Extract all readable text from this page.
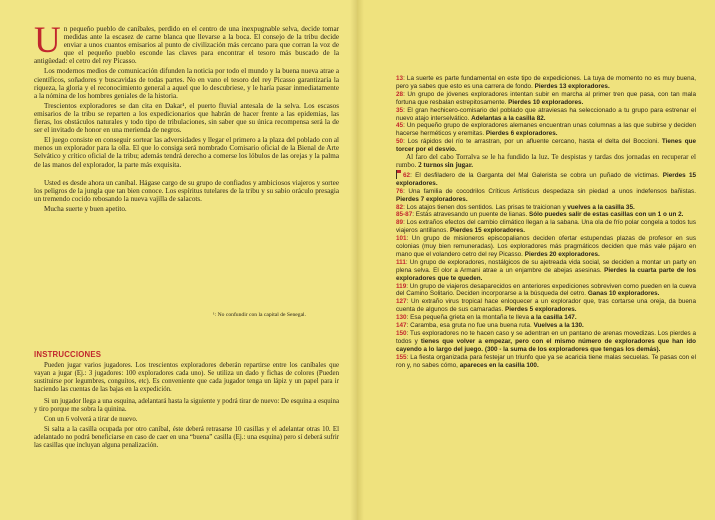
Un pequeño pueblo de caníbales, perdido en el centro de una inexpugnable selva, decide tomar medidas ante la escasez de carne blanca que llevarse a la boca. El consejo de la tribu decide enviar a unos cuantos emisarios al punto de civilización más cercano para que corran la voz de que el pequeño pueblo esconde las claves para encontrar el tesoro más buscado de la antigüedad: el cetro del rey Picasso.

Los modernos medios de comunicación difunden la noticia por todo el mundo y la buena nueva atrae a científicos, soñadores y buscavidas de todas partes. No en vano el tesoro del rey Picasso garantizaría la riqueza, la gloria y el reconocimiento general a aquel que lo descubriese, y le haría pasar inmediatamente a la nómina de los hombres geniales de la historia.

Trescientos exploradores se dan cita en Dakar¹, el puerto fluvial antesala de la selva. Los escasos emisarios de la tribu se reparten a los expedicionarios que habrán de hacer frente a las epidemias, las fieras, los obstáculos naturales y todo tipo de tribulaciones, sin saber que su única recompensa será la de ser el invitado de honor en una merienda de negros.

El juego consiste en conseguir sortear las adversidades y llegar el primero a la plaza del poblado con al menos un explorador para la olla. El que lo consiga será nombrado Comisario oficial de la Bienal de Arte Selvático y crítico oficial de la tribu; además tendrá derecho a comerse los lóbulos de las orejas y la palma de las manos del explorador, la parte más exquisita.

Usted es desde ahora un caníbal. Hágase cargo de su grupo de confiados y ambiciosos viajeros y sortee los peligros de la jungla que tan bien conoce. Los espíritus tutelares de la tribu y su sabio oráculo presagia un tremendo cocido rebosando la nueva vajilla de salacots.

Mucha suerte y buen apetito.

¹: No confundir con la capital de Senegal.
INSTRUCCIONES

Pueden jugar varios jugadores. Los trescientos exploradores deberán repartirse entre los caníbales que vayan a jugar (Ej.: 3 jugadores: 100 exploradores cada uno). Se utiliza un dado y fichas de colores (Pueden sustituirse por legumbres, conguitos, etc). Es conveniente que cada jugador tenga un lápiz y un papel para ir haciendo las cuentas de las bajas en la expedición.

Si un jugador llega a una esquina, adelantará hasta la siguiente y podrá tirar de nuevo: De esquina a esquina y tiro porque me sobra la quinina.

Con un 6 volverá a tirar de nuevo.

Si salta a la casilla ocupada por otro caníbal, éste deberá retrasarse 10 casillas y el adelantar otras 10. El adelantado no podrá beneficiarse en caso de caer en una “buena” casilla (Ej.: una esquina) pero sí deberá sufrir las casillas que incluyan alguna penalización.

13: La suerte es parte fundamental en este tipo de expediciones. La tuya de momento no es muy buena, pero ya sabes que esto es una carrera de fondo. Pierdes 13 exploradores.

28: Un grupo de jóvenes exploradores intentan subir en marcha al primer tren que pasa, con tan mala fortuna que resbalan estrepitosamente. Pierdes 10 exploradores.

35: El gran hechicero-comisario del poblado que atraviesas ha seleccionado a tu grupo para estrenar el nuevo atajo interselvático. Adelantas a la casilla 82.

45: Un pequeño grupo de exploradores alemanes encuentran unas columnas a las que subirse y deciden hacerse herméticos y eremitas. Pierdes 6 exploradores.

50: Los rápidos del río te arrastran, por un afluente cercano, hasta el delta del Boccioni. Tienes que torcer por el desvío.

Al faro del cabo Torralva se le ha fundido la luz. Te despistas y tardas dos jornadas en recuperar el rumbo. 2 turnos sin jugar.

62: El desfiladero de la Garganta del Mal Galerista se cobra un puñado de víctimas. Pierdes 15 exploradores.

76: Una familia de cocodrilos Críticus Artísticus despedaza sin piedad a unos indefensos bañistas. Pierdes 7 exploradores.

82: Los atajos tienen dos sentidos. Las prisas te traicionan y vuelves a la casilla 35.

85-87: Estás atravesando un puente de lianas. Sólo puedes salir de estas casillas con un 1 o un 2.

89: Los extraños efectos del cambio climático llegan a la sabana. Una ola de frío polar congela a todos tus viajeros antillanos. Pierdes 15 exploradores.

101: Un grupo de misioneros episcopalianos deciden ofertar estupendas plazas de profesor en sus colonias (muy bien remuneradas). Los exploradores más pragmáticos deciden que más vale pájaro en mano que el volandero cetro del rey Picasso. Pierdes 20 exploradores.

111: Un grupo de exploradores, nostálgicos de su ajetreada vida social, se deciden a montar un party en plena selva. El olor a Armani atrae a un enjambre de abejas asesinas. Pierdes la cuarta parte de los exploradores que te queden.

119: Un grupo de viajeros desaparecidos en anteriores expediciones sobreviven como pueden en la cueva del Camino Solitario. Deciden incorporarse a la búsqueda del cetro. Ganas 10 exploradores.

127: Un extraño virus tropical hace enloquecer a un explorador que, tras cortarse una oreja, da buena cuenta de algunos de sus camaradas. Pierdes 5 exploradores.

130: Esa pequeña grieta en la montaña te lleva a la casilla 147.

147: Caramba, esa gruta no fue una buena ruta. Vuelves a la 130.

150: Tus exploradores no te hacen caso y se adentran en un pantano de arenas movedizas. Los pierdes a todos y tienes que volver a empezar, pero con el mismo número de exploradores que han ido cayendo a lo largo del juego. (300 - la suma de los exploradores que tengas los demás).

155: La fiesta organizada para festejar un triunfo que ya se acaricia tiene malas secuelas. Te pasas con el ron y, no sabes cómo, apareces en la casilla 100.
